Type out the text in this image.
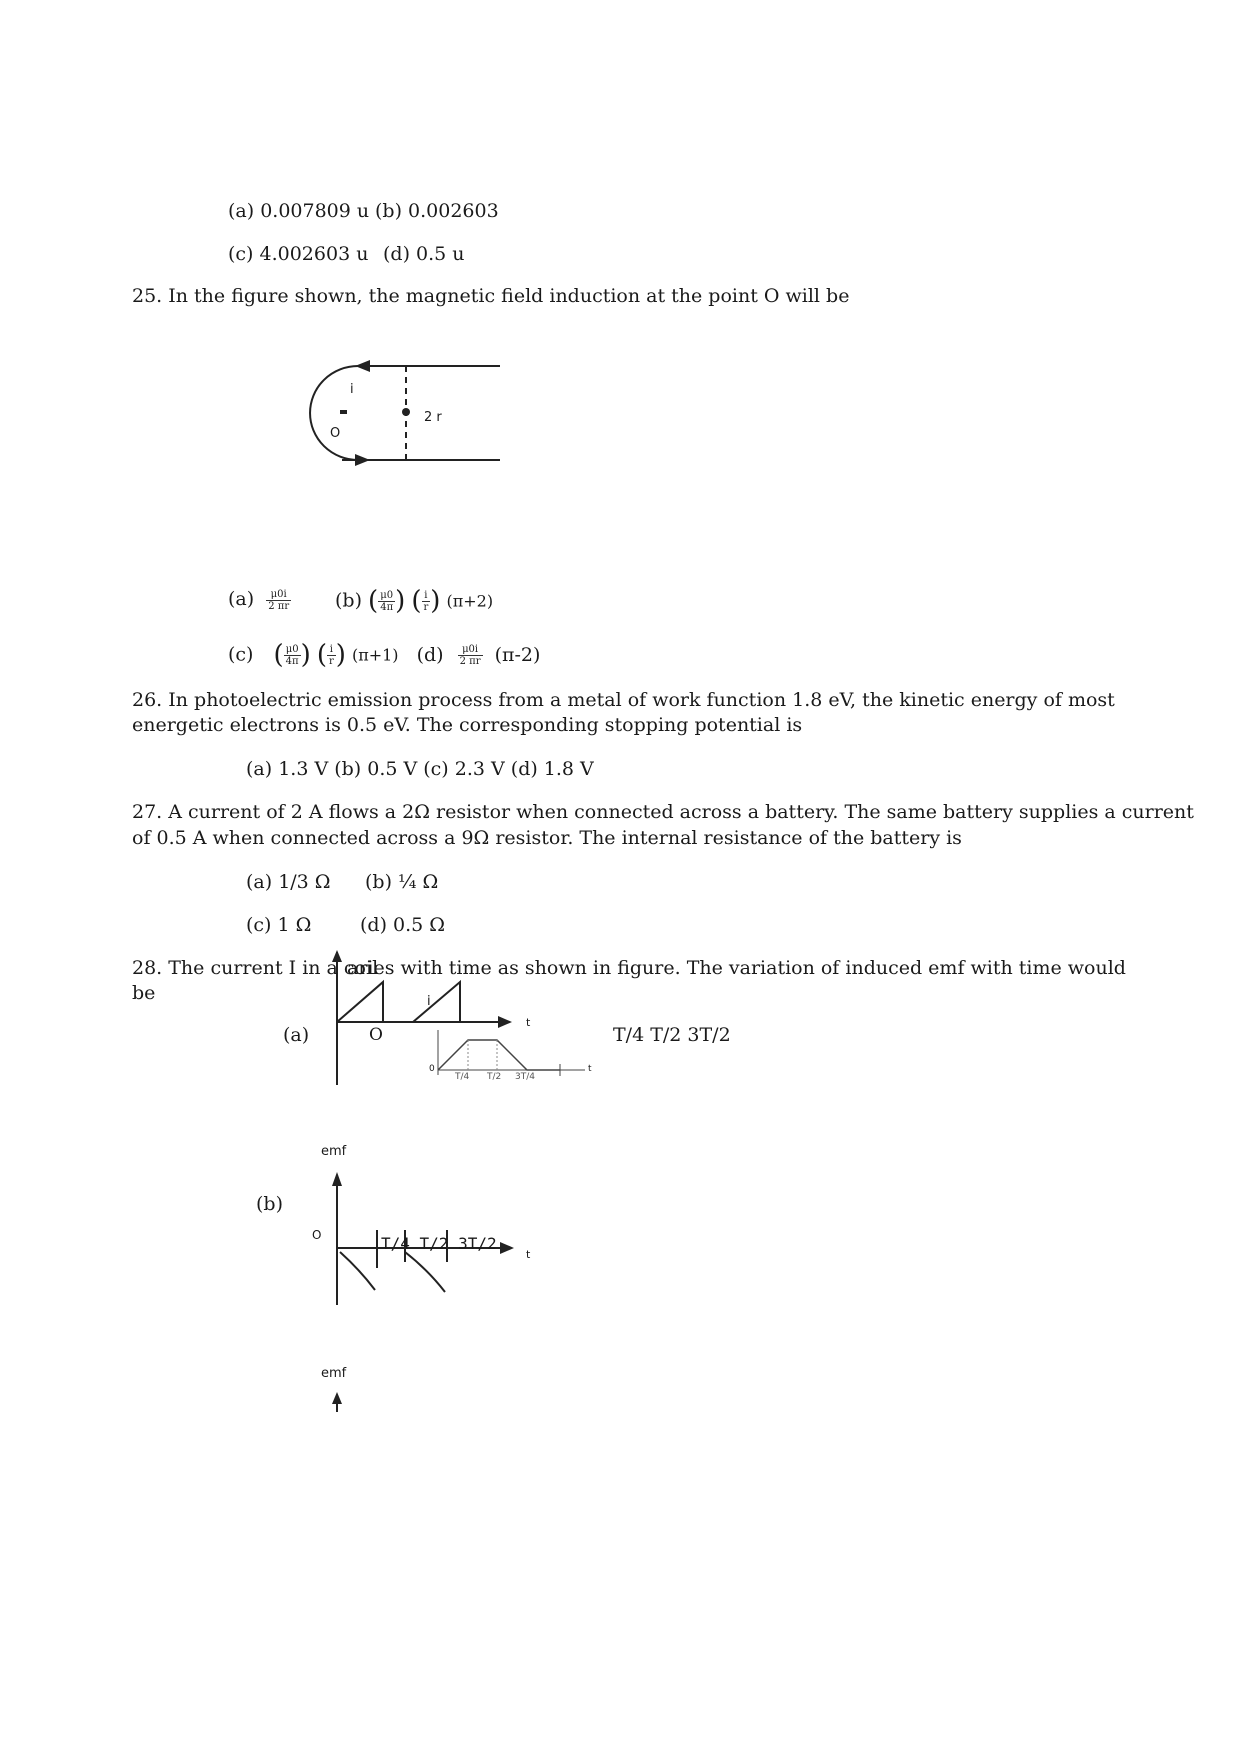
(a) 0.007809 u (b) 0.002603
(c) 4.002603 u (d) 0.5 u
25. In the figure shown, the magnetic field induction at the point O will be
i
O
2 r
$(a) \frac{\mu 0i}{2 \pi r} (b)$ ( $\frac{\mu 0}{4\pi}$ ) ( $\frac{i}{r}$ ) (π+2)
(c) ( $\frac{\mu 0}{4\pi}$ ) ( $\frac{i}{r}$ ) (π+1) $(d) \frac{\mu 0i}{2 \pi r} (\pi-2)$
26. In photoelectric emission process from a metal of work function 1.8 eV, the kinetic energy of most
energetic electrons is 0.5 eV. The corresponding stopping potential is
(a) 1.3 V (b) 0.5 V (c) 2.3 V (d) 1.8 V
27. A current of 2 A flows a 2Ω resistor when connected across a battery. The same battery supplies a current
of 0.5 A when connected across a 9Ω resistor. The internal resistance of the battery is
(a) 1/3 Ω (b) ¼ Ω
(c) 1 Ω	(d) 0.5 Ω
28. The current I in a coil
aries with time as shown in figure. The variation of induced emf with time would
be
(a)	O
t
i
T/4 T/2 3T/2
0
T/4 T/2 3T/4
t
emf
(b)
O	T/4 T/2 3T/2
t
emf
